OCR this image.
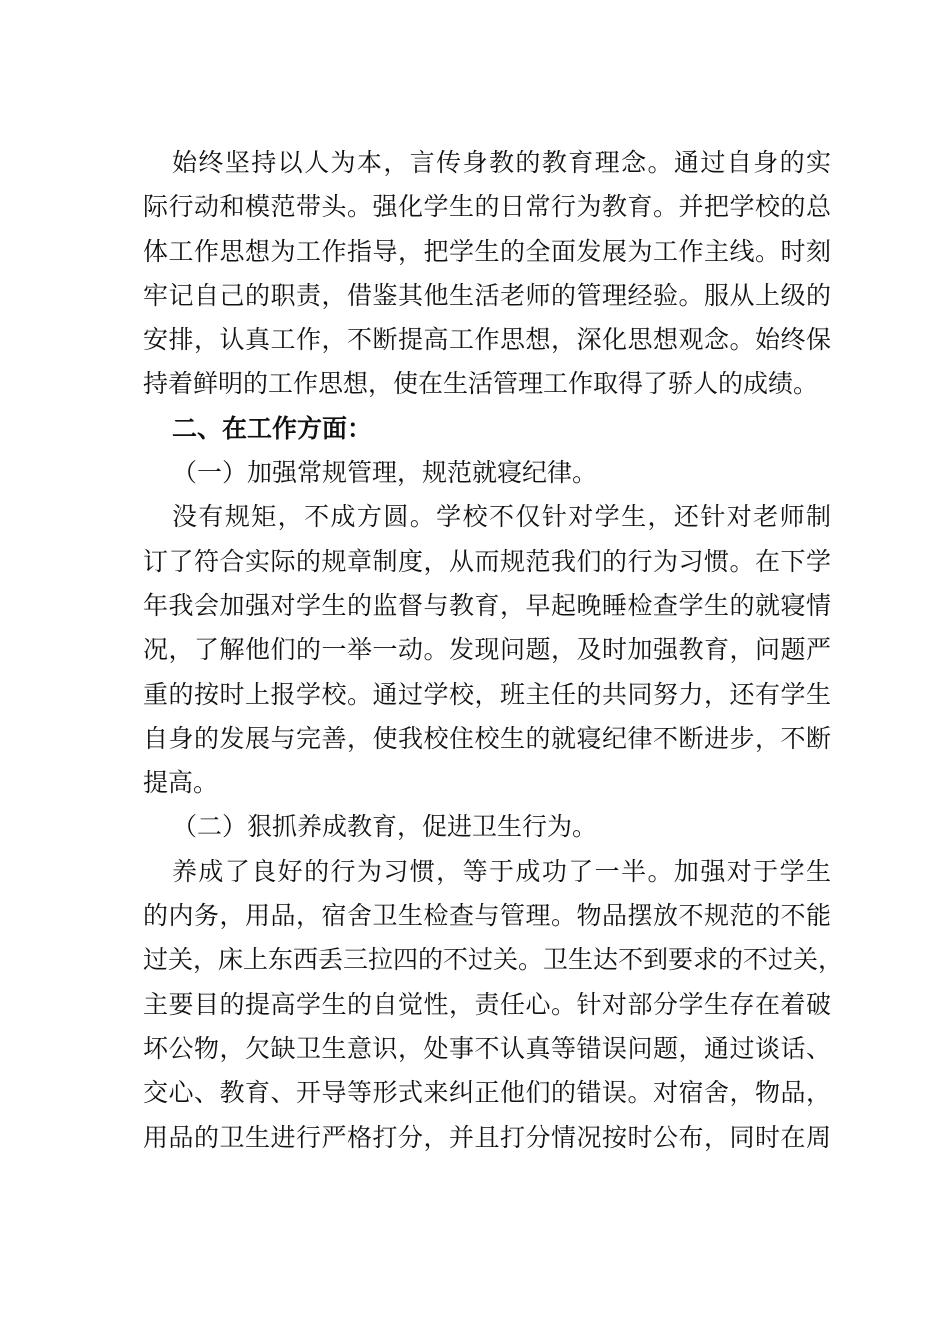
始终坚持以人为本，言传身教的教育理念。通过自身的实
际行动和模范带头。强化学生的日常行为教育。并把学校的总
体工作思想为工作指导，把学生的全面发展为工作主线。时刻
牢记自己的职责，借鉴其他生活老师的管理经验。服从上级的
安排，认真工作，不断提高工作思想，深化思想观念。始终保
持着鲜明的工作思想，使在生活管理工作取得了骄人的成绩。
二、在工作方面：
（一）加强常规管理，规范就寝纪律。
没有规矩，不成方圆。学校不仅针对学生，还针对老师制
订了符合实际的规章制度，从而规范我们的行为习惯。在下学
年我会加强对学生的监督与教育，早起晚睡检查学生的就寝情
况，了解他们的一举一动。发现问题，及时加强教育，问题严
重的按时上报学校。通过学校，班主任的共同努力，还有学生
自身的发展与完善，使我校住校生的就寝纪律不断进步，不断
提高。
（二）狠抓养成教育，促进卫生行为。
养成了良好的行为习惯，等于成功了一半。加强对于学生
的内务，用品，宿舍卫生检查与管理。物品摆放不规范的不能
过关，床上东西丢三拉四的不过关。卫生达不到要求的不过关，
主要目的提高学生的自觉性，责任心。针对部分学生存在着破
坏公物，欠缺卫生意识，处事不认真等错误问题，通过谈话、
交心、教育、开导等形式来纠正他们的错误。对宿舍，物品，
用品的卫生进行严格打分，并且打分情况按时公布，同时在周
